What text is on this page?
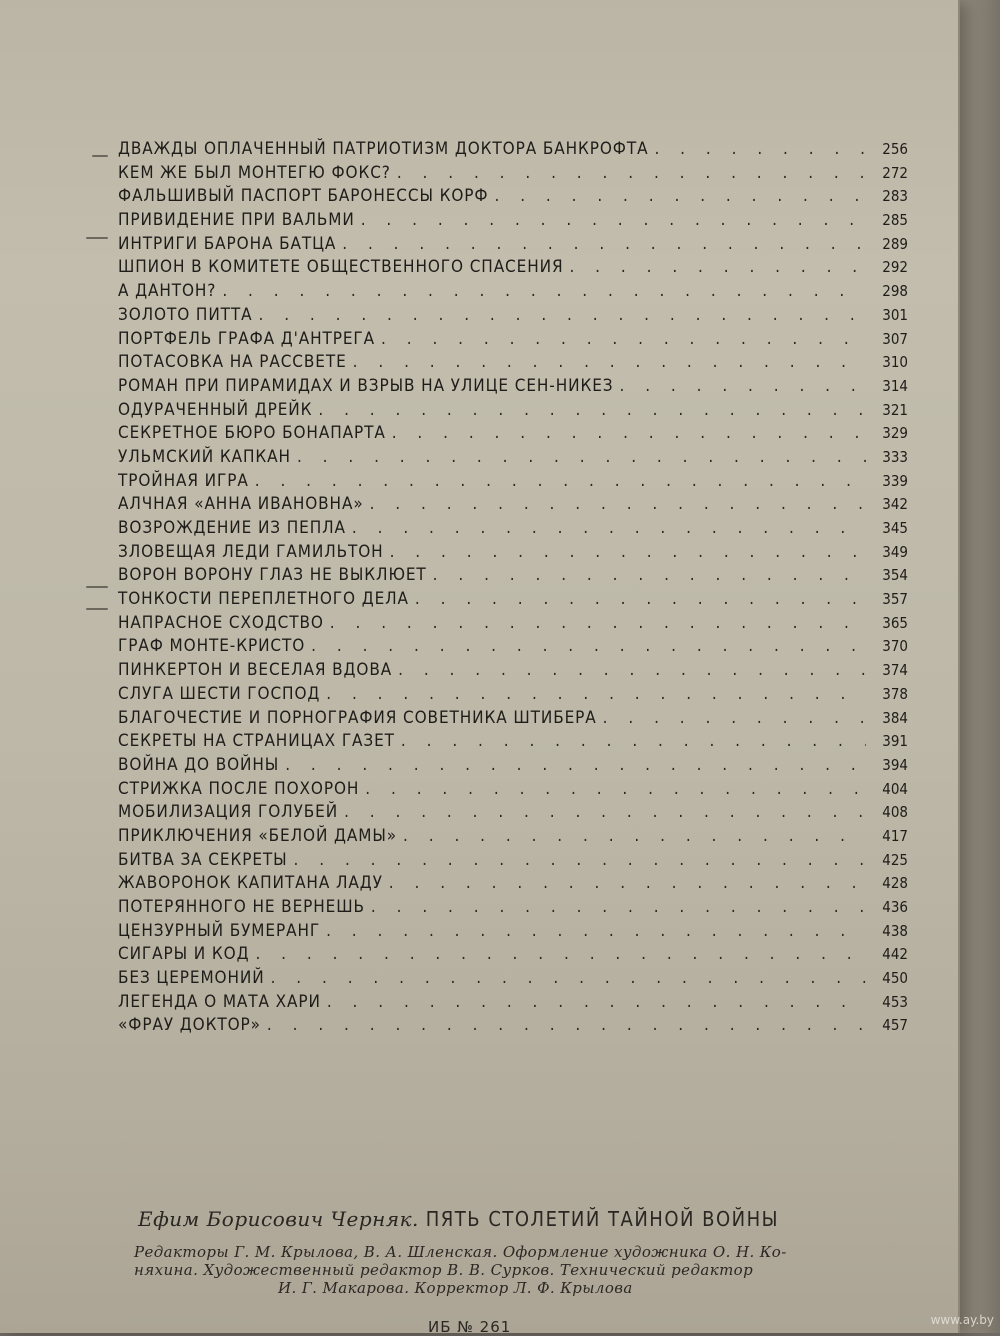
ДВАЖДЫ ОПЛАЧЕННЫЙ ПАТРИОТИЗМ ДОКТОРА БАНКРОФТА . . .	256
КЕМ ЖЕ БЫЛ МОНТЕГЮ ФОКС? . . .	272
ФАЛЬШИВЫЙ ПАСПОРТ БАРОНЕССЫ КОРФ . . .	283
ПРИВИДЕНИЕ ПРИ ВАЛЬМИ . . .	285
ИНТРИГИ БАРОНА БАТЦА . . .	289
ШПИОН В КОМИТЕТЕ ОБЩЕСТВЕННОГО СПАСЕНИЯ . . .	292
А ДАНТОН? . . .	298
ЗОЛОТО ПИТТА . . .	301
ПОРТФЕЛЬ ГРАФА Д'АНТРЕГА . . .	307
ПОТАСОВКА НА РАССВЕТЕ . . .	310
РОМАН ПРИ ПИРАМИДАХ И ВЗРЫВ НА УЛИЦЕ СЕН-НИКЕЗ . . .	314
ОДУРАЧЕННЫЙ ДРЕЙК . . .	321
СЕКРЕТНОЕ БЮРО БОНАПАРТА . . .	329
УЛЬМСКИЙ КАПКАН . . .	333
ТРОЙНАЯ ИГРА . . .	339
АЛЧНАЯ «АННА ИВАНОВНА» . . .	342
ВОЗРОЖДЕНИЕ ИЗ ПЕПЛА . . .	345
ЗЛОВЕЩАЯ ЛЕДИ ГАМИЛЬТОН . . .	349
ВОРОН ВОРОНУ ГЛАЗ НЕ ВЫКЛЮЕТ . . .	354
ТОНКОСТИ ПЕРЕПЛЕТНОГО ДЕЛА . . .	357
НАПРАСНОЕ СХОДСТВО . . .	365
ГРАФ МОНТЕ-КРИСТО . . .	370
ПИНКЕРТОН И ВЕСЕЛАЯ ВДОВА . . .	374
СЛУГА ШЕСТИ ГОСПОД . . .	378
БЛАГОЧЕСТИЕ И ПОРНОГРАФИЯ СОВЕТНИКА ШТИБЕРА . . .	384
СЕКРЕТЫ НА СТРАНИЦАХ ГАЗЕТ . . .	391
ВОЙНА ДО ВОЙНЫ . . .	394
СТРИЖКА ПОСЛЕ ПОХОРОН . . .	404
МОБИЛИЗАЦИЯ ГОЛУБЕЙ . . .	408
ПРИКЛЮЧЕНИЯ «БЕЛОЙ ДАМЫ» . . .	417
БИТВА ЗА СЕКРЕТЫ . . .	425
ЖАВОРОНОК КАПИТАНА ЛАДУ . . .	428
ПОТЕРЯННОГО НЕ ВЕРНЕШЬ . . .	436
ЦЕНЗУРНЫЙ БУМЕРАНГ . . .	438
СИГАРЫ И КОД . . .	442
БЕЗ ЦЕРЕМОНИЙ . . .	450
ЛЕГЕНДА О МАТА ХАРИ . . .	453
«ФРАУ ДОКТОР» . . .	457
Ефим Борисович Черняк. ПЯТЬ СТОЛЕТИЙ ТАЙНОЙ ВОЙНЫ
Редакторы Г. М. Крылова, В. А. Шленская. Оформление художника О. Н. Ко-
няхина. Художественный редактор В. В. Сурков. Технический редактор
И. Г. Макарова. Корректор Л. Ф. Крылова
ИБ № 261	www.ay.by
